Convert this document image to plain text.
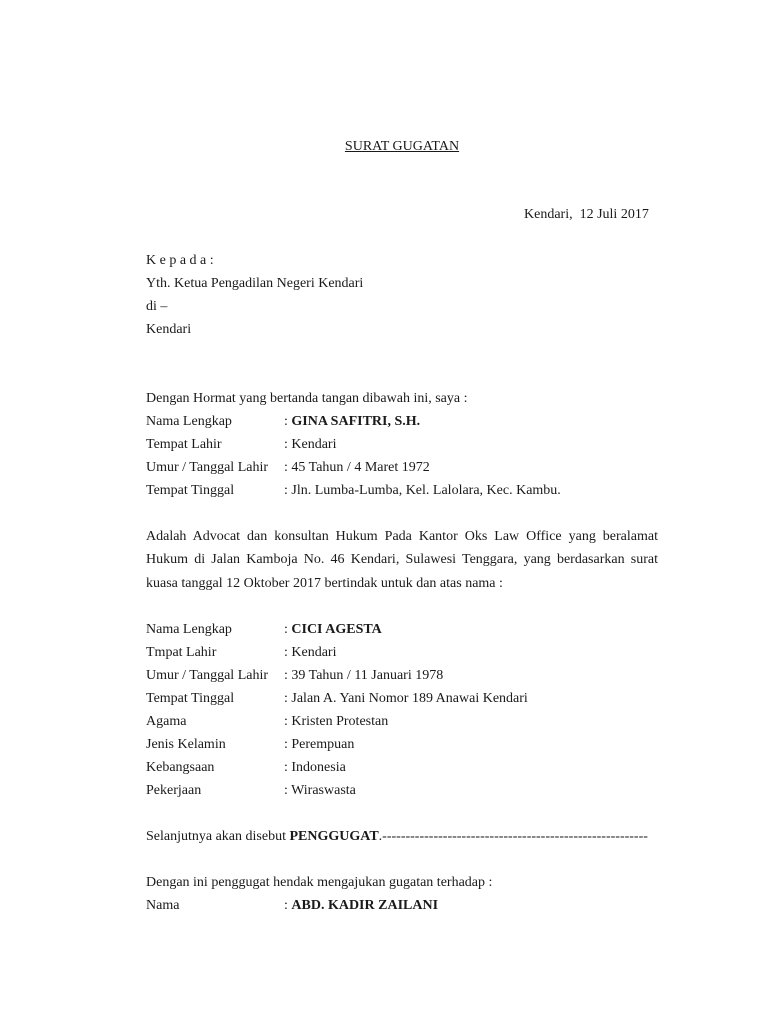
SURAT GUGATAN
Kendari,  12 Juli 2017
K e p a d a :
Yth. Ketua Pengadilan Negeri Kendari
di –
Kendari
Dengan Hormat yang bertanda tangan dibawah ini, saya :
Nama Lengkap	: GINA SAFITRI, S.H.
Tempat Lahir	: Kendari
Umur / Tanggal Lahir : 45 Tahun / 4 Maret 1972
Tempat Tinggal	: Jln. Lumba-Lumba, Kel. Lalolara, Kec. Kambu.
Adalah Advocat dan konsultan Hukum Pada Kantor Oks Law Office yang beralamat
Hukum di Jalan Kamboja No. 46 Kendari, Sulawesi Tenggara, yang berdasarkan surat
kuasa tanggal 12 Oktober 2017 bertindak untuk dan atas nama :
Nama Lengkap	: CICI AGESTA
Tmpat Lahir	: Kendari
Umur / Tanggal Lahir : 39 Tahun / 11 Januari 1978
Tempat Tinggal	: Jalan A. Yani Nomor 189 Anawai Kendari
Agama	: Kristen Protestan
Jenis Kelamin	: Perempuan
Kebangsaan	: Indonesia
Pekerjaan	: Wiraswasta
Selanjutnya akan disebut PENGGUGAT.---------------------------------------------------------
Dengan ini penggugat hendak mengajukan gugatan terhadap :
Nama	: ABD. KADIR ZAILANI
